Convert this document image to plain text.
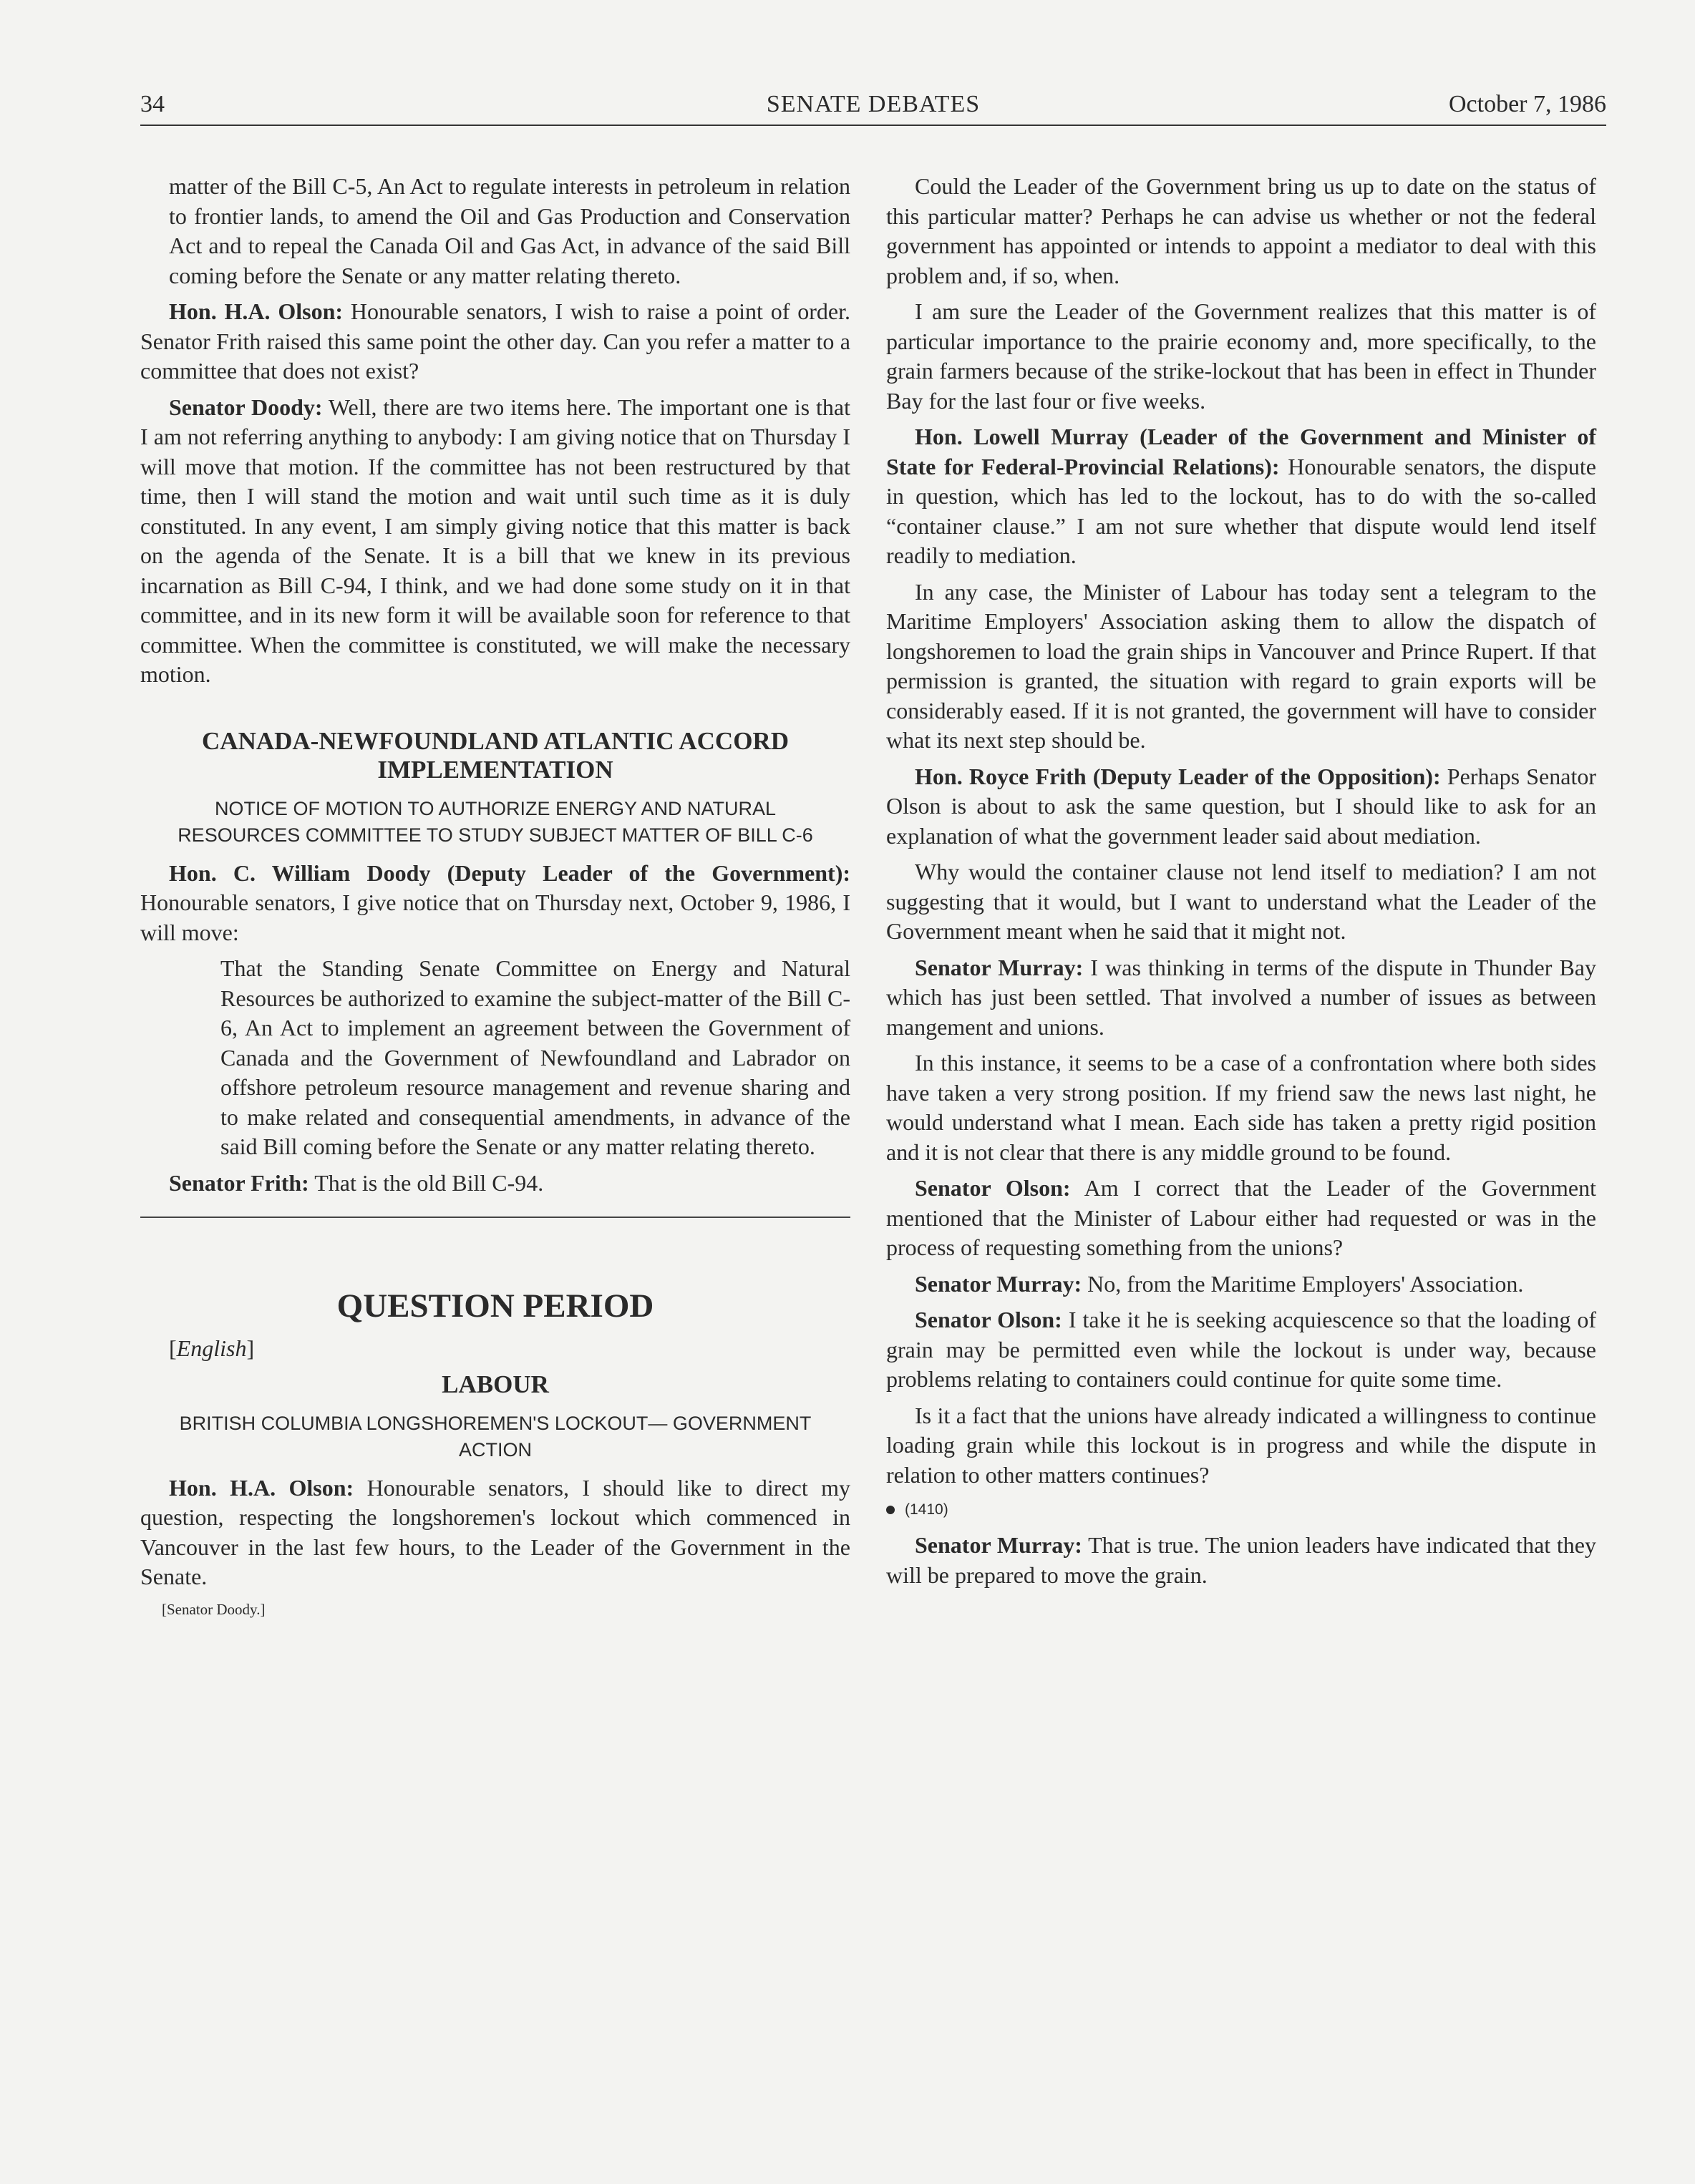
34	SENATE DEBATES	October 7, 1986

matter of the Bill C-5, An Act to regulate interests in petroleum in relation to frontier lands, to amend the Oil and Gas Production and Conservation Act and to repeal the Canada Oil and Gas Act, in advance of the said Bill coming before the Senate or any matter relating thereto.

Hon. H.A. Olson: Honourable senators, I wish to raise a point of order. Senator Frith raised this same point the other day. Can you refer a matter to a committee that does not exist?

Senator Doody: Well, there are two items here. The important one is that I am not referring anything to anybody: I am giving notice that on Thursday I will move that motion. If the committee has not been restructured by that time, then I will stand the motion and wait until such time as it is duly constituted. In any event, I am simply giving notice that this matter is back on the agenda of the Senate. It is a bill that we knew in its previous incarnation as Bill C-94, I think, and we had done some study on it in that committee, and in its new form it will be available soon for reference to that committee. When the committee is constituted, we will make the necessary motion.

CANADA-NEWFOUNDLAND ATLANTIC ACCORD IMPLEMENTATION
NOTICE OF MOTION TO AUTHORIZE ENERGY AND NATURAL RESOURCES COMMITTEE TO STUDY SUBJECT MATTER OF BILL C-6

Hon. C. William Doody (Deputy Leader of the Government): Honourable senators, I give notice that on Thursday next, October 9, 1986, I will move:

That the Standing Senate Committee on Energy and Natural Resources be authorized to examine the subject-matter of the Bill C-6, An Act to implement an agreement between the Government of Canada and the Government of Newfoundland and Labrador on offshore petroleum resource management and revenue sharing and to make related and consequential amendments, in advance of the said Bill coming before the Senate or any matter relating thereto.

Senator Frith: That is the old Bill C-94.

QUESTION PERIOD

[English]

LABOUR
BRITISH COLUMBIA LONGSHOREMEN'S LOCKOUT— GOVERNMENT ACTION

Hon. H.A. Olson: Honourable senators, I should like to direct my question, respecting the longshoremen's lockout which commenced in Vancouver in the last few hours, to the Leader of the Government in the Senate.

[Senator Doody.]

Could the Leader of the Government bring us up to date on the status of this particular matter? Perhaps he can advise us whether or not the federal government has appointed or intends to appoint a mediator to deal with this problem and, if so, when.

I am sure the Leader of the Government realizes that this matter is of particular importance to the prairie economy and, more specifically, to the grain farmers because of the strike-lockout that has been in effect in Thunder Bay for the last four or five weeks.

Hon. Lowell Murray (Leader of the Government and Minister of State for Federal-Provincial Relations): Honourable senators, the dispute in question, which has led to the lockout, has to do with the so-called “container clause.” I am not sure whether that dispute would lend itself readily to mediation.

In any case, the Minister of Labour has today sent a telegram to the Maritime Employers' Association asking them to allow the dispatch of longshoremen to load the grain ships in Vancouver and Prince Rupert. If that permission is granted, the situation with regard to grain exports will be considerably eased. If it is not granted, the government will have to consider what its next step should be.

Hon. Royce Frith (Deputy Leader of the Opposition): Perhaps Senator Olson is about to ask the same question, but I should like to ask for an explanation of what the government leader said about mediation.

Why would the container clause not lend itself to mediation? I am not suggesting that it would, but I want to understand what the Leader of the Government meant when he said that it might not.

Senator Murray: I was thinking in terms of the dispute in Thunder Bay which has just been settled. That involved a number of issues as between mangement and unions.

In this instance, it seems to be a case of a confrontation where both sides have taken a very strong position. If my friend saw the news last night, he would understand what I mean. Each side has taken a pretty rigid position and it is not clear that there is any middle ground to be found.

Senator Olson: Am I correct that the Leader of the Government mentioned that the Minister of Labour either had requested or was in the process of requesting something from the unions?

Senator Murray: No, from the Maritime Employers' Association.

Senator Olson: I take it he is seeking acquiescence so that the loading of grain may be permitted even while the lockout is under way, because problems relating to containers could continue for quite some time.

Is it a fact that the unions have already indicated a willingness to continue loading grain while this lockout is in progress and while the dispute in relation to other matters continues?

(1410)

Senator Murray: That is true. The union leaders have indicated that they will be prepared to move the grain.
